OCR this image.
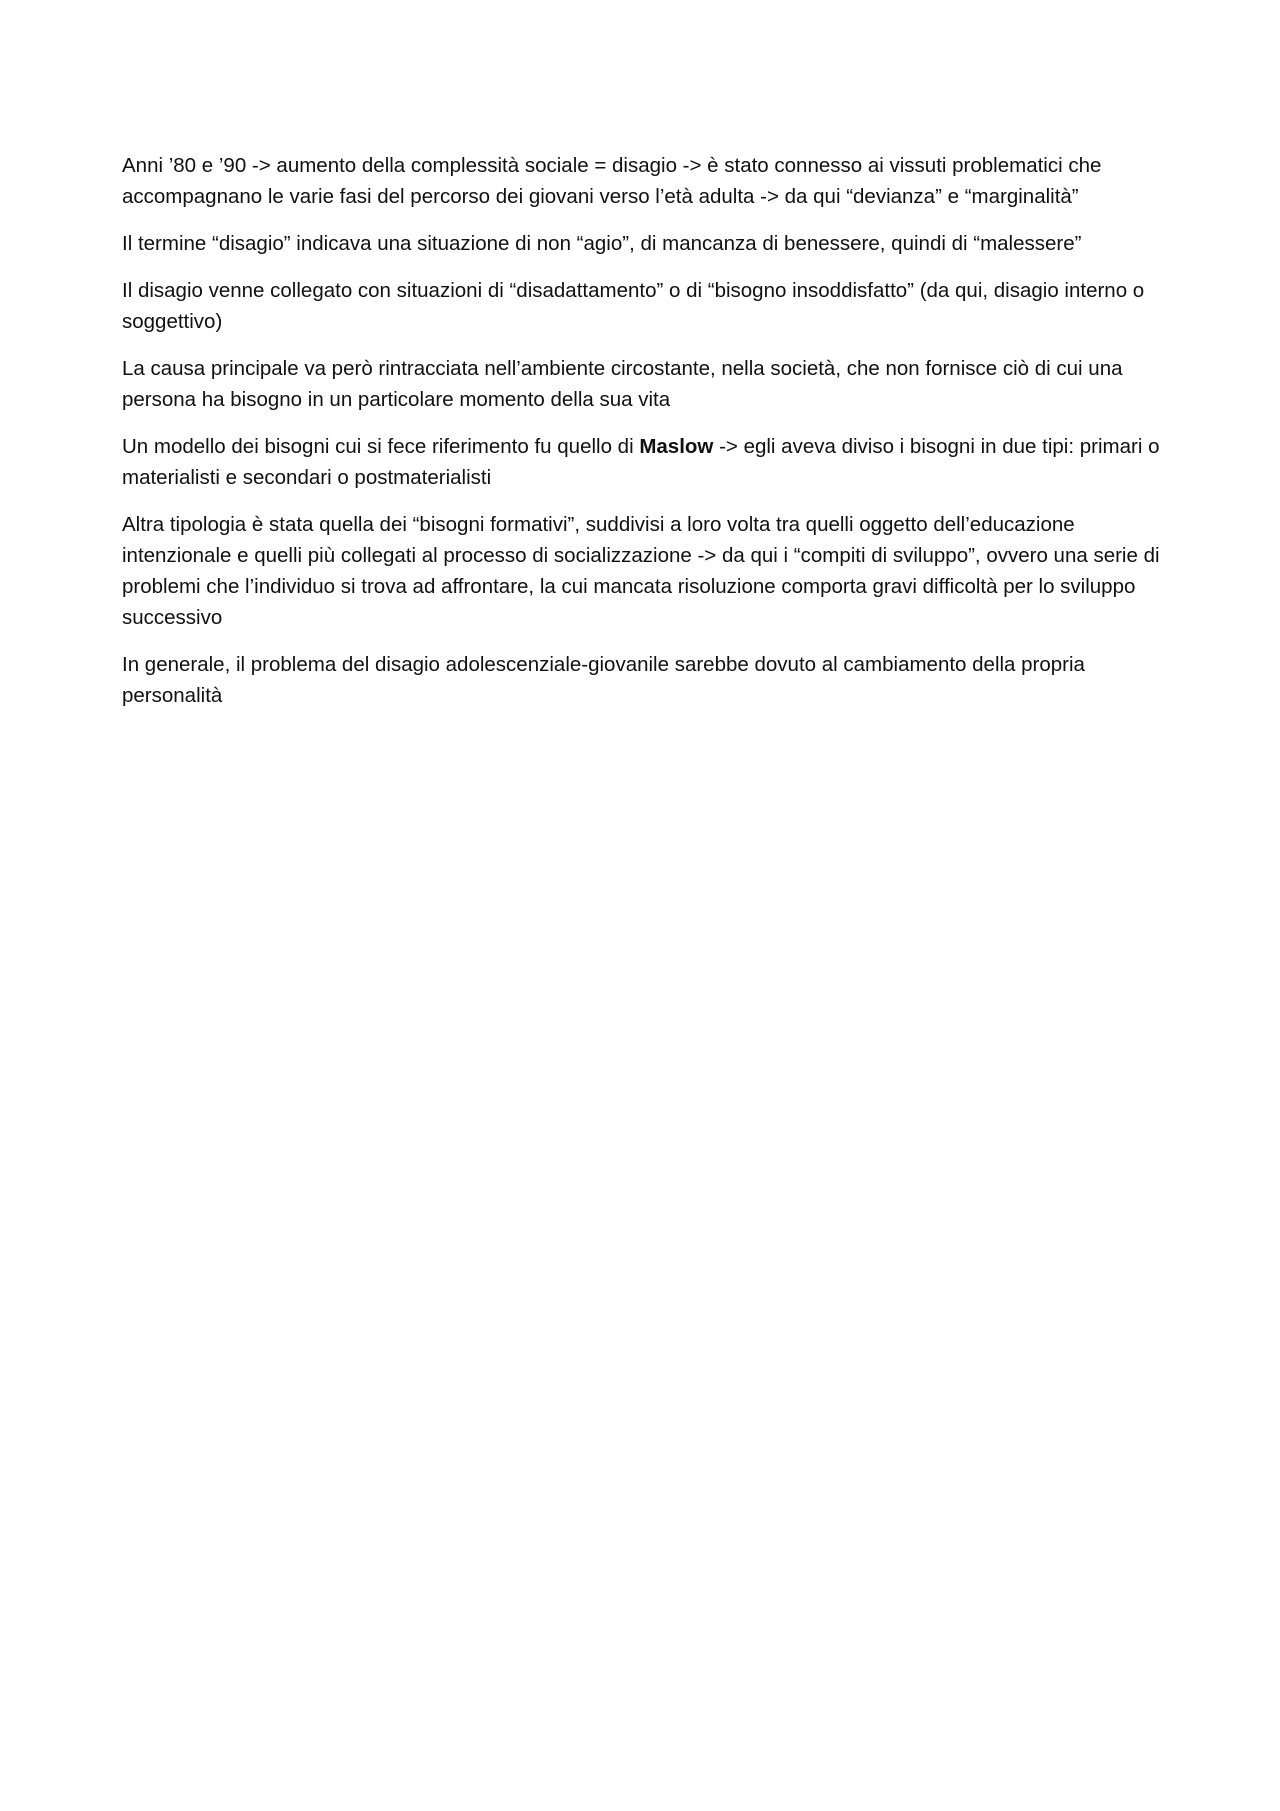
Anni ’80 e ’90 -> aumento della complessità sociale = disagio -> è stato connesso ai vissuti problematici che accompagnano le varie fasi del percorso dei giovani verso l’età adulta -> da qui “devianza” e “marginalità”

Il termine “disagio” indicava una situazione di non “agio”, di mancanza di benessere, quindi di “malessere”

Il disagio venne collegato con situazioni di “disadattamento” o di “bisogno insoddisfatto” (da qui, disagio interno o soggettivo)

La causa principale va però rintracciata nell’ambiente circostante, nella società, che non fornisce ciò di cui una persona ha bisogno in un particolare momento della sua vita

Un modello dei bisogni cui si fece riferimento fu quello di Maslow -> egli aveva diviso i bisogni in due tipi: primari o materialisti e secondari o postmaterialisti

Altra tipologia è stata quella dei “bisogni formativi”, suddivisi a loro volta tra quelli oggetto dell’educazione intenzionale e quelli più collegati al processo di socializzazione -> da qui i “compiti di sviluppo”, ovvero una serie di problemi che l’individuo si trova ad affrontare, la cui mancata risoluzione comporta gravi difficoltà per lo sviluppo successivo

In generale, il problema del disagio adolescenziale-giovanile sarebbe dovuto al cambiamento della propria personalità
